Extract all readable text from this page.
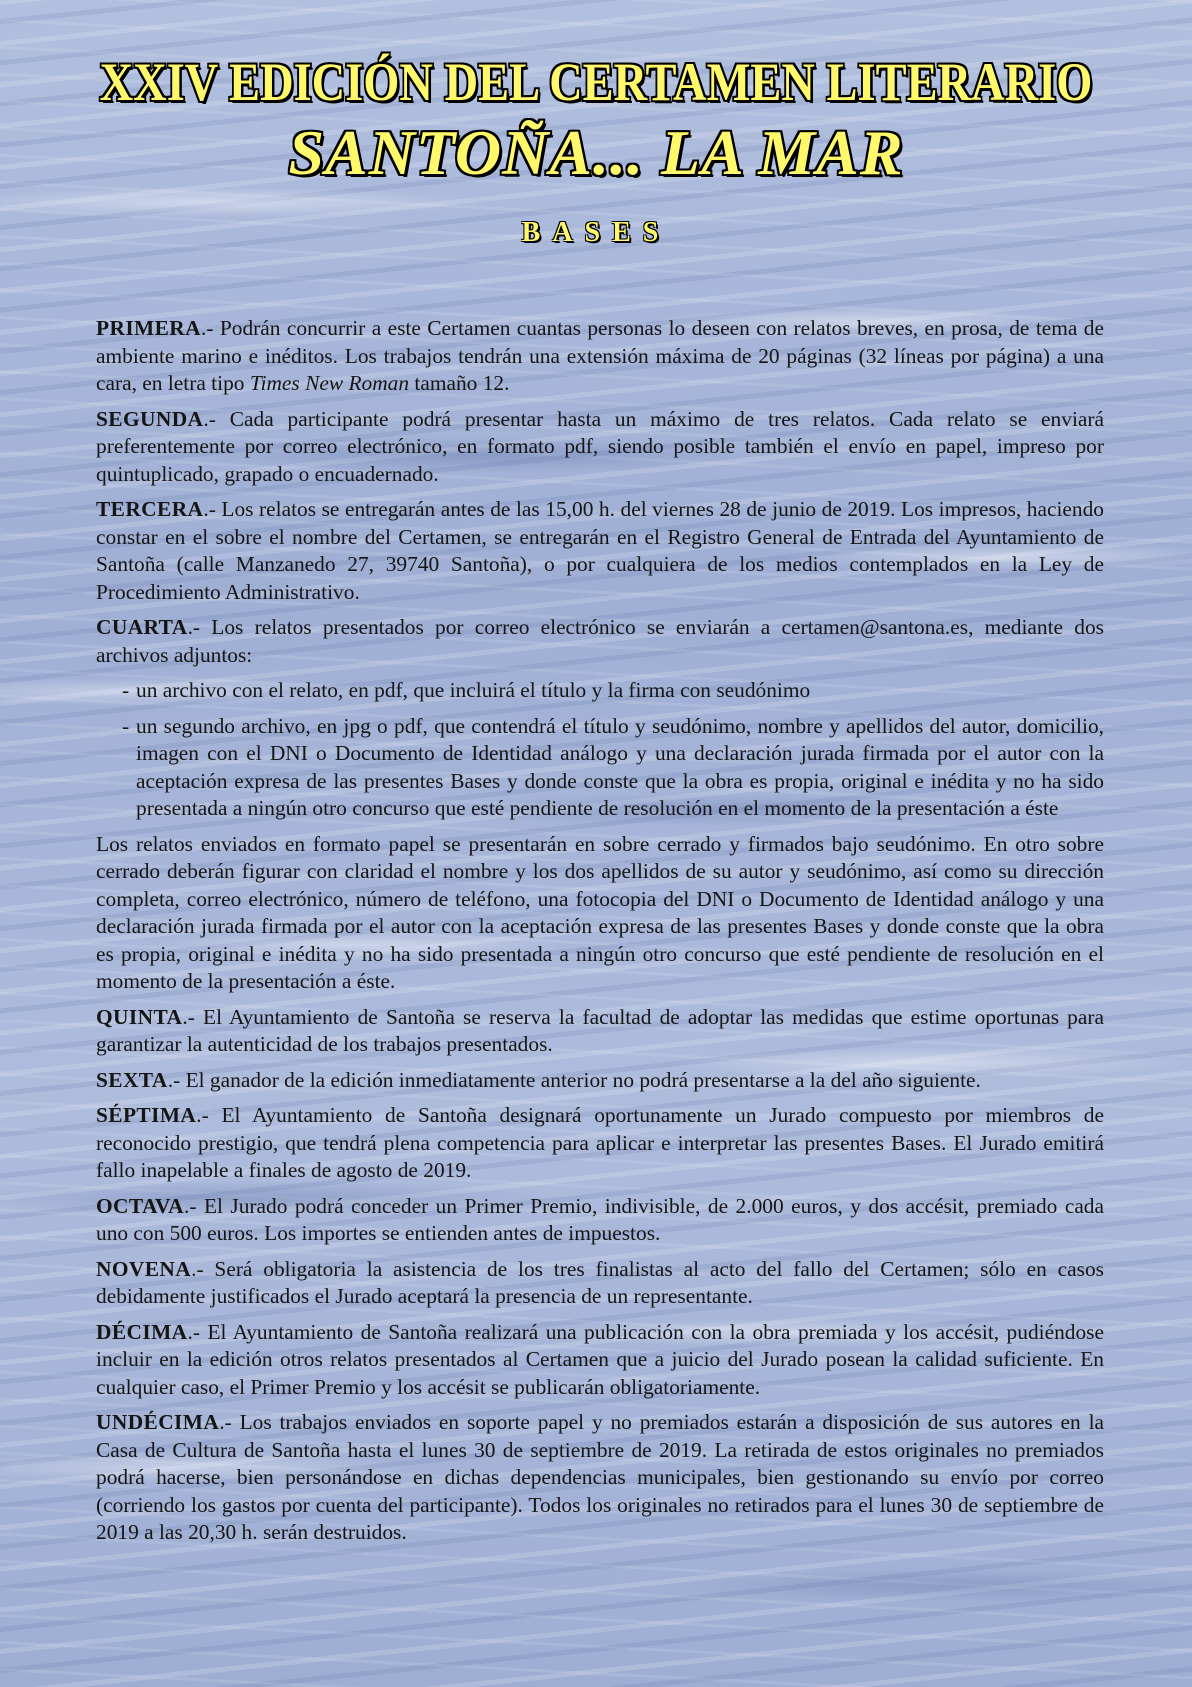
XXIV EDICIÓN DEL CERTAMEN LITERARIO
SANTOÑA... LA MAR
BASES

PRIMERA.- Podrán concurrir a este Certamen cuantas personas lo deseen con relatos breves, en prosa, de tema de ambiente marino e inéditos. Los trabajos tendrán una extensión máxima de 20 páginas (32 líneas por página) a una cara, en letra tipo Times New Roman tamaño 12.

SEGUNDA.- Cada participante podrá presentar hasta un máximo de tres relatos. Cada relato se enviará preferentemente por correo electrónico, en formato pdf, siendo posible también el envío en papel, impreso por quintuplicado, grapado o encuadernado.

TERCERA.- Los relatos se entregarán antes de las 15,00 h. del viernes 28 de junio de 2019. Los impresos, haciendo constar en el sobre el nombre del Certamen, se entregarán en el Registro General de Entrada del Ayuntamiento de Santoña (calle Manzanedo 27, 39740 Santoña), o por cualquiera de los medios contemplados en la Ley de Procedimiento Administrativo.

CUARTA.- Los relatos presentados por correo electrónico se enviarán a certamen@santona.es, mediante dos archivos adjuntos:

- un archivo con el relato, en pdf, que incluirá el título y la firma con seudónimo
- un segundo archivo, en jpg o pdf, que contendrá el título y seudónimo, nombre y apellidos del autor, domicilio, imagen con el DNI o Documento de Identidad análogo y una declaración jurada firmada por el autor con la aceptación expresa de las presentes Bases y donde conste que la obra es propia, original e inédita y no ha sido presentada a ningún otro concurso que esté pendiente de resolución en el momento de la presentación a éste

Los relatos enviados en formato papel se presentarán en sobre cerrado y firmados bajo seudónimo. En otro sobre cerrado deberán figurar con claridad el nombre y los dos apellidos de su autor y seudónimo, así como su dirección completa, correo electrónico, número de teléfono, una fotocopia del DNI o Documento de Identidad análogo y una declaración jurada firmada por el autor con la aceptación expresa de las presentes Bases y donde conste que la obra es propia, original e inédita y no ha sido presentada a ningún otro concurso que esté pendiente de resolución en el momento de la presentación a éste.

QUINTA.- El Ayuntamiento de Santoña se reserva la facultad de adoptar las medidas que estime oportunas para garantizar la autenticidad de los trabajos presentados.

SEXTA.- El ganador de la edición inmediatamente anterior no podrá presentarse a la del año siguiente.

SÉPTIMA.- El Ayuntamiento de Santoña designará oportunamente un Jurado compuesto por miembros de reconocido prestigio, que tendrá plena competencia para aplicar e interpretar las presentes Bases. El Jurado emitirá fallo inapelable a finales de agosto de 2019.

OCTAVA.- El Jurado podrá conceder un Primer Premio, indivisible, de 2.000 euros, y dos accésit, premiado cada uno con 500 euros. Los importes se entienden antes de impuestos.

NOVENA.- Será obligatoria la asistencia de los tres finalistas al acto del fallo del Certamen; sólo en casos debidamente justificados el Jurado aceptará la presencia de un representante.

DÉCIMA.- El Ayuntamiento de Santoña realizará una publicación con la obra premiada y los accésit, pudiéndose incluir en la edición otros relatos presentados al Certamen que a juicio del Jurado posean la calidad suficiente. En cualquier caso, el Primer Premio y los accésit se publicarán obligatoriamente.

UNDÉCIMA.- Los trabajos enviados en soporte papel y no premiados estarán a disposición de sus autores en la Casa de Cultura de Santoña hasta el lunes 30 de septiembre de 2019. La retirada de estos originales no premiados podrá hacerse, bien personándose en dichas dependencias municipales, bien gestionando su envío por correo (corriendo los gastos por cuenta del participante). Todos los originales no retirados para el lunes 30 de septiembre de 2019 a las 20,30 h. serán destruidos.
